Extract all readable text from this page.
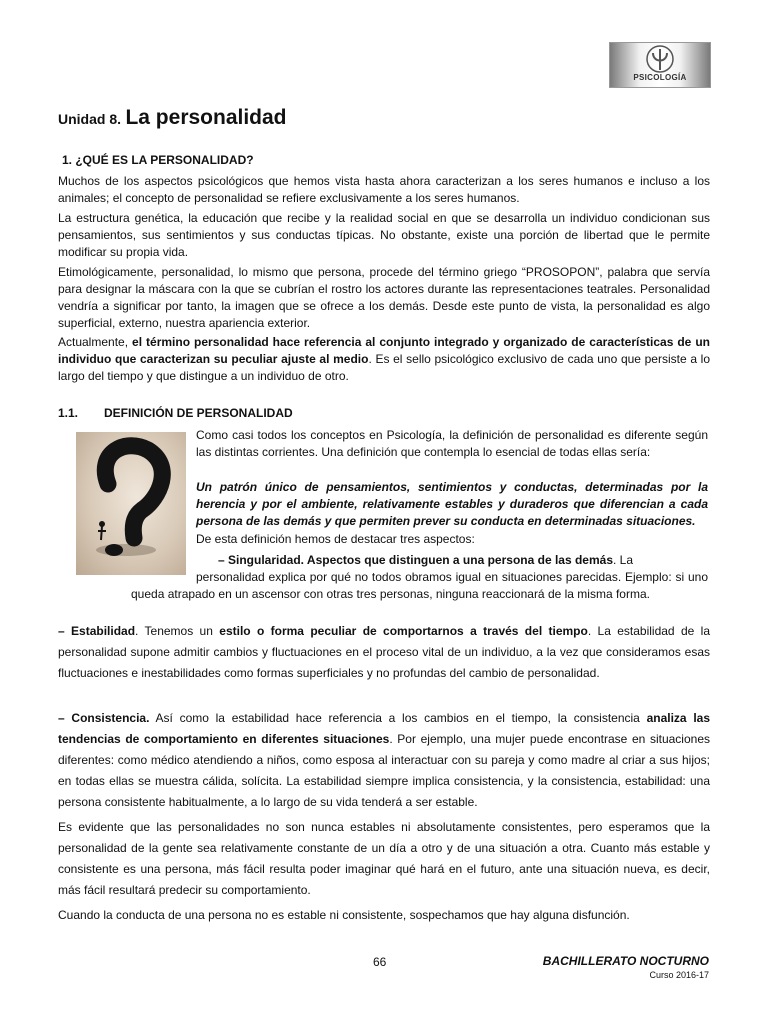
PSICOLOGÍA
Unidad 8. La personalidad
1. ¿QUÉ ES LA PERSONALIDAD?

Muchos de los aspectos psicológicos que hemos vista hasta ahora caracterizan a los seres humanos e incluso a los animales; el concepto de personalidad se refiere exclusivamente a los seres humanos.

La estructura genética, la educación que recibe y la realidad social en que se desarrolla un individuo condicionan sus pensamientos, sus sentimientos y sus conductas típicas. No obstante, existe una porción de libertad que le permite modificar su propia vida.

Etimológicamente, personalidad, lo mismo que persona, procede del término griego “PROSOPON”, palabra que servía para designar la máscara con la que se cubrían el rostro los actores durante las representaciones teatrales. Personalidad vendría a significar por tanto, la imagen que se ofrece a los demás. Desde este punto de vista, la personalidad es algo superficial, externo, nuestra apariencia exterior.

Actualmente, el término personalidad hace referencia al conjunto integrado y organizado de características de un individuo que caracterizan su peculiar ajuste al medio. Es el sello psicológico exclusivo de cada uno que persiste a lo largo del tiempo y que distingue a un individuo de otro.

1.1. DEFINICIÓN DE PERSONALIDAD

Como casi todos los conceptos en Psicología, la definición de personalidad es diferente según las distintas corrientes. Una definición que contempla lo esencial de todas ellas sería:

Un patrón único de pensamientos, sentimientos y conductas, determinadas por la herencia y por el ambiente, relativamente estables y duraderos que diferencian a cada persona de las demás y que permiten prever su conducta en determinadas situaciones.

De esta definición hemos de destacar tres aspectos:

– Singularidad. Aspectos que distinguen a una persona de las demás. La

personalidad explica por qué no todos obramos igual en situaciones parecidas. Ejemplo: si uno queda atrapado en un ascensor con otras tres personas, ninguna reaccionará de la misma forma.

– Estabilidad. Tenemos un estilo o forma peculiar de comportarnos a través del tiempo. La estabilidad de la personalidad supone admitir cambios y fluctuaciones en el proceso vital de un individuo, a la vez que consideramos esas fluctuaciones e inestabilidades como formas superficiales y no profundas del cambio de personalidad.

– Consistencia. Así como la estabilidad hace referencia a los cambios en el tiempo, la consistencia analiza las tendencias de comportamiento en diferentes situaciones. Por ejemplo, una mujer puede encontrase en situaciones diferentes: como médico atendiendo a niños, como esposa al interactuar con su pareja y como madre al criar a sus hijos; en todas ellas se muestra cálida, solícita. La estabilidad siempre implica consistencia, y la consistencia, estabilidad: una persona consistente habitualmente, a lo largo de su vida tenderá a ser estable.

Es evidente que las personalidades no son nunca estables ni absolutamente consistentes, pero esperamos que la personalidad de la gente sea relativamente constante de un día a otro y de una situación a otra. Cuanto más estable y consistente es una persona, más fácil resulta poder imaginar qué hará en el futuro, ante una situación nueva, es decir, más fácil resultará predecir su comportamiento.

Cuando la conducta de una persona no es estable ni consistente, sospechamos que hay alguna disfunción.

66	BACHILLERATO NOCTURNO
Curso 2016-17
